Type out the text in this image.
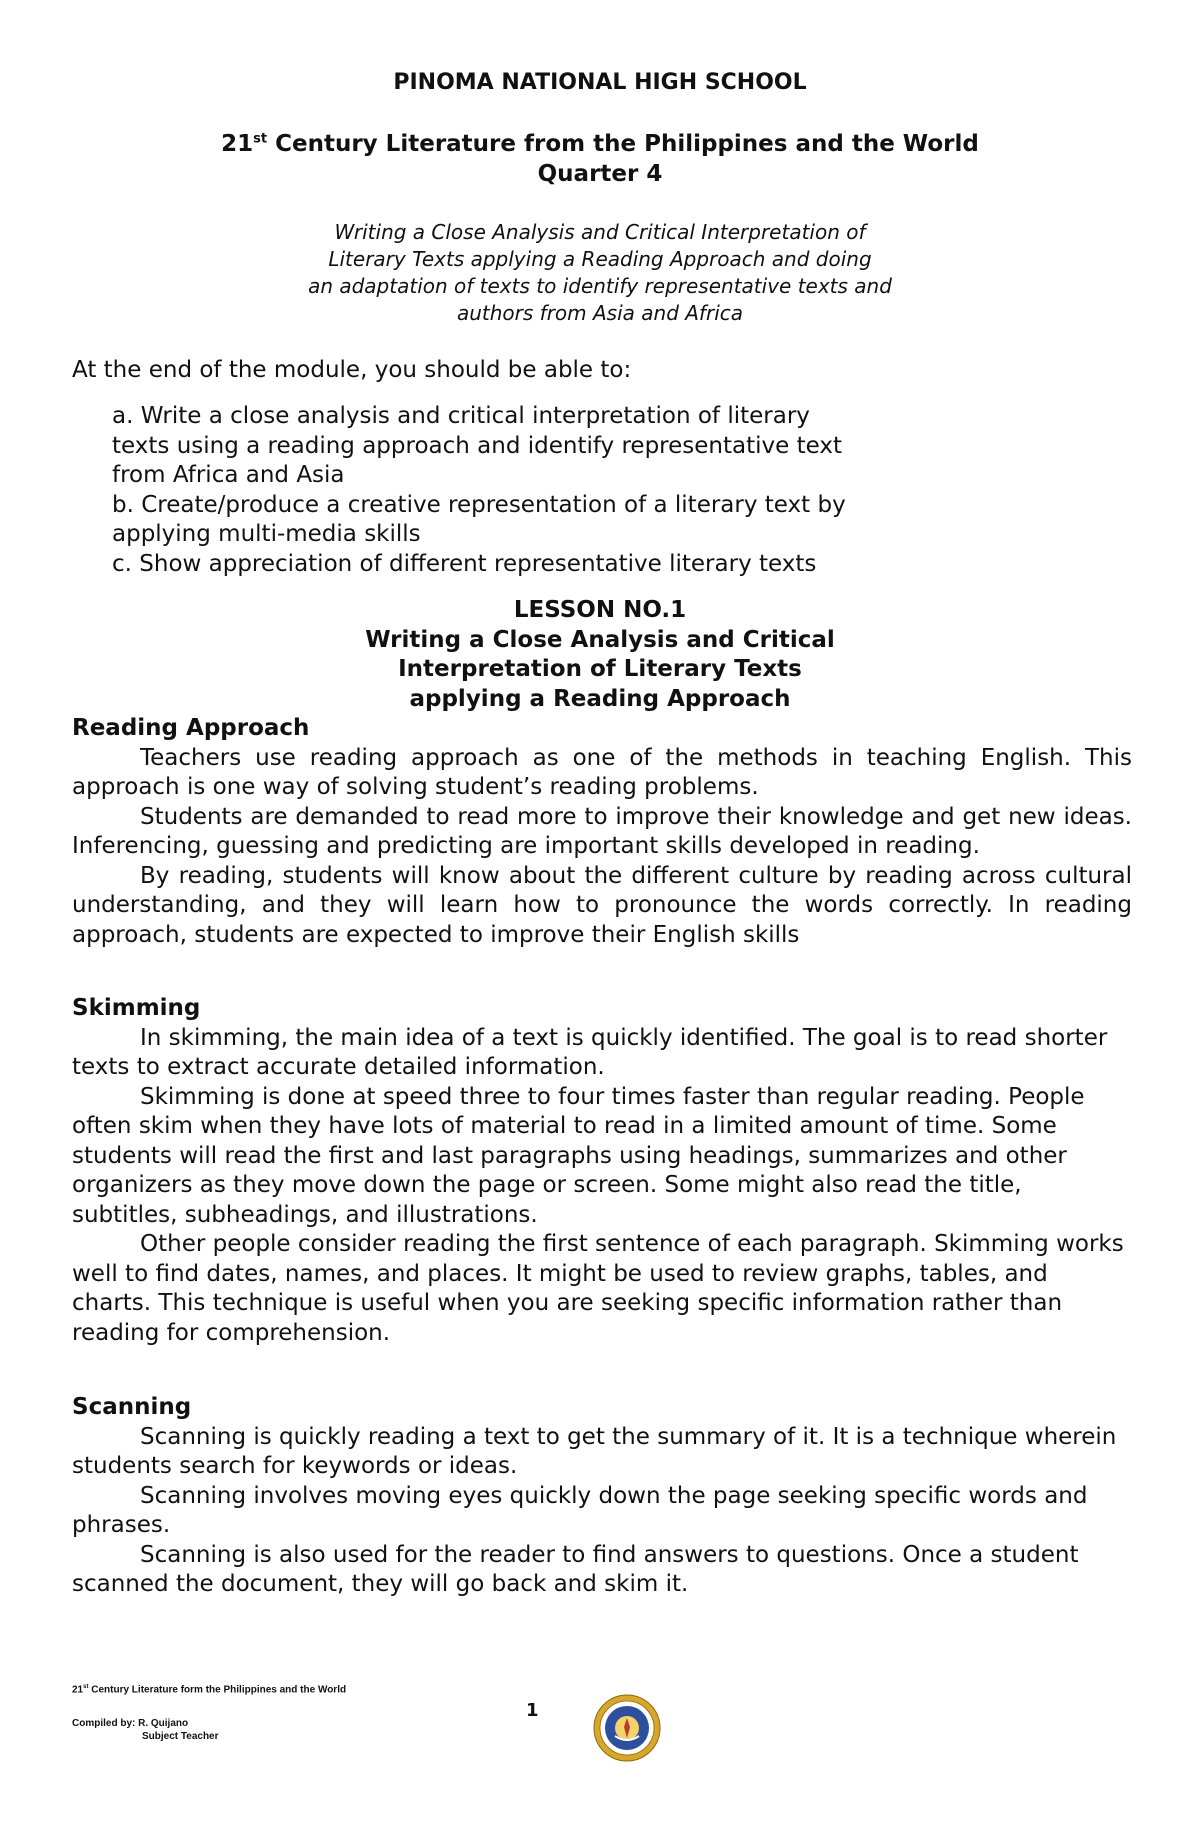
PINOMA NATIONAL HIGH SCHOOL
21st Century Literature from the Philippines and the World
Quarter 4
Writing a Close Analysis and Critical Interpretation of
Literary Texts applying a Reading Approach and doing
an adaptation of texts to identify representative texts and
authors from Asia and Africa
At the end of the module, you should be able to:

a. Write a close analysis and critical interpretation of literary

texts using a reading approach and identify representative text

from Africa and Asia

b. Create/produce a creative representation of a literary text by

applying multi-media skills

c. Show appreciation of different representative literary texts

LESSON NO.1
Writing a Close Analysis and Critical
Interpretation of Literary Texts
applying a Reading Approach
Reading Approach

Teachers use reading approach as one of the methods in teaching English. This approach is one way of solving student’s reading problems.

Students are demanded to read more to improve their knowledge and get new ideas. Inferencing, guessing and predicting are important skills developed in reading.

By reading, students will know about the different culture by reading across cultural understanding, and they will learn how to pronounce the words correctly. In reading approach, students are expected to improve their English skills

Skimming

In skimming, the main idea of a text is quickly identified. The goal is to read shorter texts to extract accurate detailed information.

Skimming is done at speed three to four times faster than regular reading. People often skim when they have lots of material to read in a limited amount of time. Some students will read the first and last paragraphs using headings, summarizes and other organizers as they move down the page or screen. Some might also read the title, subtitles, subheadings, and illustrations.

Other people consider reading the first sentence of each paragraph. Skimming works well to find dates, names, and places. It might be used to review graphs, tables, and charts. This technique is useful when you are seeking specific information rather than reading for comprehension.

Scanning

Scanning is quickly reading a text to get the summary of it. It is a technique wherein students search for keywords or ideas.

Scanning involves moving eyes quickly down the page seeking specific words and phrases.

Scanning is also used for the reader to find answers to questions. Once a student scanned the document, they will go back and skim it.

21st Century Literature form the Philippines and the World
Compiled by: R. Quijano
Subject Teacher
1
